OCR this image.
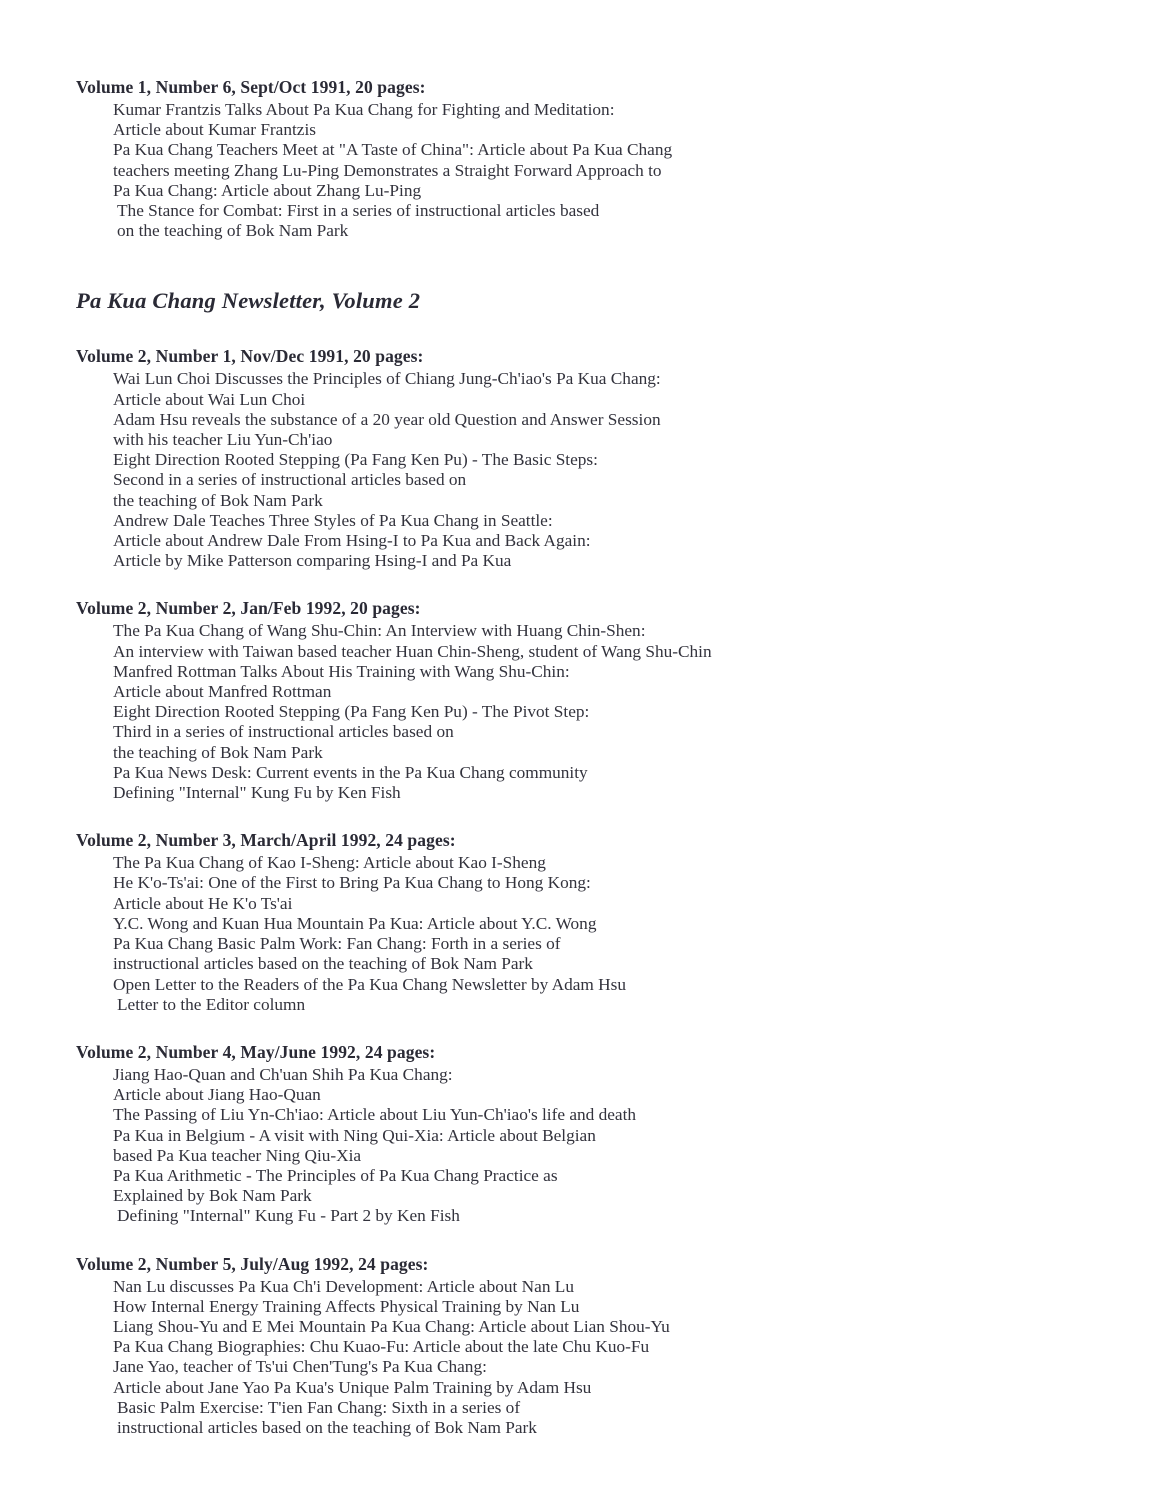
Volume 1, Number 6, Sept/Oct 1991, 20 pages:
Kumar Frantzis Talks About Pa Kua Chang for Fighting and Meditation:
Article about Kumar Frantzis
Pa Kua Chang Teachers Meet at "A Taste of China": Article about Pa Kua Chang
teachers meeting Zhang Lu-Ping Demonstrates a Straight Forward Approach to
Pa Kua Chang: Article about Zhang Lu-Ping
The Stance for Combat: First in a series of instructional articles based
on the teaching of Bok Nam Park
Pa Kua Chang Newsletter, Volume 2
Volume 2, Number 1, Nov/Dec 1991, 20 pages:
Wai Lun Choi Discusses the Principles of Chiang Jung-Ch'iao's Pa Kua Chang:
Article about Wai Lun Choi
Adam Hsu reveals the substance of a 20 year old Question and Answer Session
with his teacher Liu Yun-Ch'iao
Eight Direction Rooted Stepping (Pa Fang Ken Pu) - The Basic Steps:
Second in a series of instructional articles based on
the teaching of Bok Nam Park
Andrew Dale Teaches Three Styles of Pa Kua Chang in Seattle:
Article about Andrew Dale From Hsing-I to Pa Kua and Back Again:
Article by Mike Patterson comparing Hsing-I and Pa Kua
Volume 2, Number 2, Jan/Feb 1992, 20 pages:
The Pa Kua Chang of Wang Shu-Chin: An Interview with Huang Chin-Shen:
An interview with Taiwan based teacher Huan Chin-Sheng, student of Wang Shu-Chin
Manfred Rottman Talks About His Training with Wang Shu-Chin:
Article about Manfred Rottman
Eight Direction Rooted Stepping (Pa Fang Ken Pu) - The Pivot Step:
Third in a series of instructional articles based on
the teaching of Bok Nam Park
Pa Kua News Desk: Current events in the Pa Kua Chang community
Defining "Internal" Kung Fu by Ken Fish
Volume 2, Number 3, March/April 1992, 24 pages:
The Pa Kua Chang of Kao I-Sheng: Article about Kao I-Sheng
He K'o-Ts'ai: One of the First to Bring Pa Kua Chang to Hong Kong:
Article about He K'o Ts'ai
Y.C. Wong and Kuan Hua Mountain Pa Kua: Article about Y.C. Wong
Pa Kua Chang Basic Palm Work: Fan Chang: Forth in a series of
instructional articles based on the teaching of Bok Nam Park
Open Letter to the Readers of the Pa Kua Chang Newsletter by Adam Hsu
Letter to the Editor column
Volume 2, Number 4, May/June 1992, 24 pages:
Jiang Hao-Quan and Ch'uan Shih Pa Kua Chang:
Article about Jiang Hao-Quan
The Passing of Liu Yn-Ch'iao: Article about Liu Yun-Ch'iao's life and death
Pa Kua in Belgium - A visit with Ning Qui-Xia: Article about Belgian
based Pa Kua teacher Ning Qiu-Xia
Pa Kua Arithmetic - The Principles of Pa Kua Chang Practice as
Explained by Bok Nam Park
Defining "Internal" Kung Fu - Part 2 by Ken Fish
Volume 2, Number 5, July/Aug 1992, 24 pages:
Nan Lu discusses Pa Kua Ch'i Development: Article about Nan Lu
How Internal Energy Training Affects Physical Training by Nan Lu
Liang Shou-Yu and E Mei Mountain Pa Kua Chang: Article about Lian Shou-Yu
Pa Kua Chang Biographies: Chu Kuao-Fu: Article about the late Chu Kuo-Fu
Jane Yao, teacher of Ts'ui Chen'Tung's Pa Kua Chang:
Article about Jane Yao Pa Kua's Unique Palm Training by Adam Hsu
Basic Palm Exercise: T'ien Fan Chang: Sixth in a series of
instructional articles based on the teaching of Bok Nam Park
